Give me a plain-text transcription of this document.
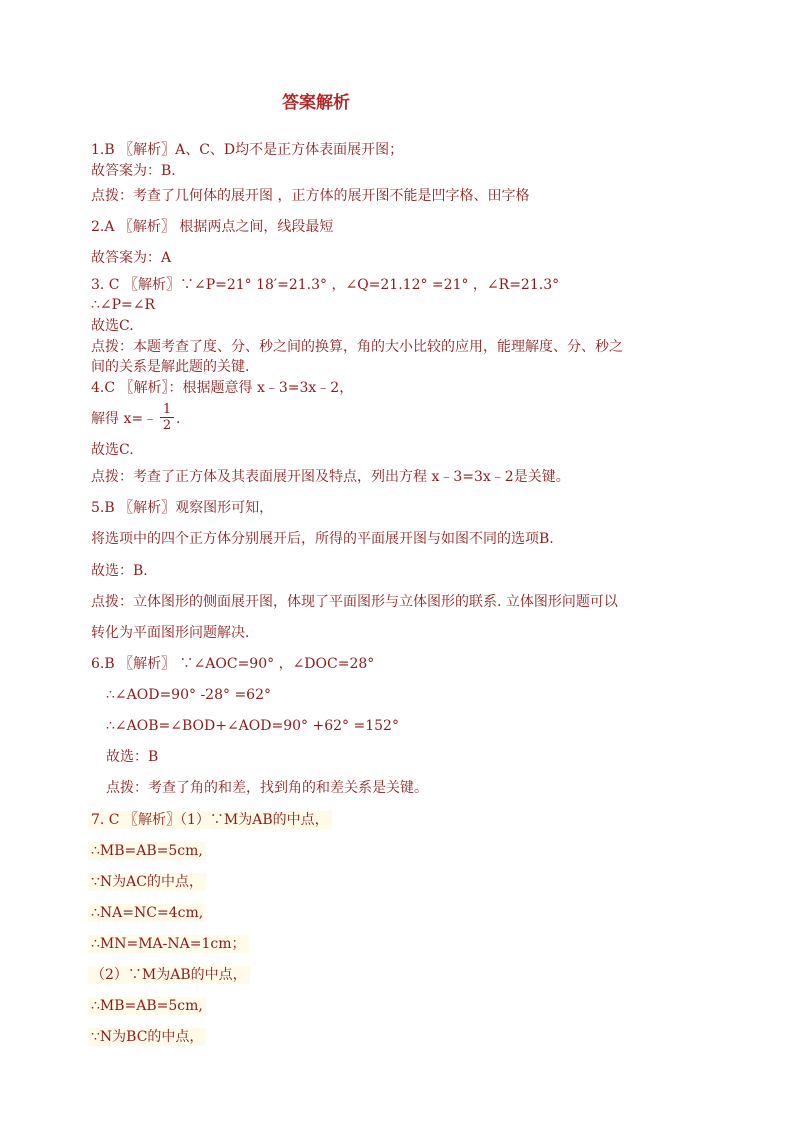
答案解析
1.B 〖解析〗A、C、D均不是正方体表面展开图；
故答案为：B.
点拨：考查了几何体的展开图 ，正方体的展开图不能是凹字格、田字格
2.A 〖解析〗 根据两点之间，线段最短
故答案为：A
3. C 〖解析〗∵∠P=21° 18′=21.3° ，∠Q=21.12° =21° ，∠R=21.3°
∴∠P=∠R
故选C.
点拨：本题考查了度、分、秒之间的换算，角的大小比较的应用，能理解度、分、秒之
间的关系是解此题的关键.
4.C 〖解析〗：根据题意得 x﹣3=3x﹣2，
解得 x=﹣ $\frac{1}{2}$ .
故选C.
点拨：考查了正方体及其表面展开图及特点，列出方程 x﹣3=3x﹣2是关键。
5.B 〖解析〗观察图形可知，
将选项中的四个正方体分别展开后，所得的平面展开图与如图不同的选项B.
故选：B.
点拨：立体图形的侧面展开图，体现了平面图形与立体图形的联系. 立体图形问题可以
转化为平面图形问题解决.
6.B 〖解析〗 ∵∠AOC=90° ，∠DOC=28°
∴∠AOD=90° -28° =62°
∴∠AOB=∠BOD+∠AOD=90° +62° =152°
故选：B
点拨：考查了角的和差，找到角的和差关系是关键。
7. C 〖解析〗（1）∵M为AB的中点，
∴MB=AB=5cm,
∵N为AC的中点，
∴NA=NC=4cm,
∴MN=MA-NA=1cm；
（2）∵M为AB的中点，
∴MB=AB=5cm,
∵N为BC的中点，
